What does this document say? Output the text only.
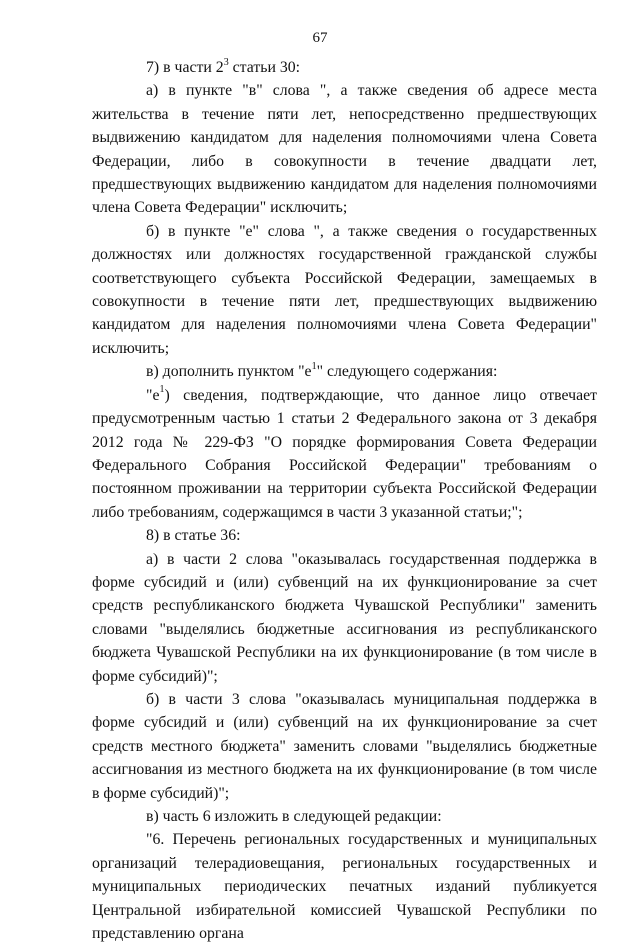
67

7) в части $2^3$ статьи 30:

а) в пункте "в" слова ", а также сведения об адресе места жительства в течение пяти лет, непосредственно предшествующих выдвижению кандидатом для наделения полномочиями члена Совета Федерации, либо в совокупности в течение двадцати лет, предшествующих выдвижению кандидатом для наделения полномочиями члена Совета Федерации" исключить;

б) в пункте "е" слова ", а также сведения о государственных должностях или должностях государственной гражданской службы соответствующего субъекта Российской Федерации, замещаемых в совокупности в течение пяти лет, предшествующих выдвижению кандидатом для наделения полномочиями члена Совета Федерации" исключить;

в) дополнить пунктом "$е^1$" следующего содержания:

"$е^1$) сведения, подтверждающие, что данное лицо отвечает предусмотренным частью 1 статьи 2 Федерального закона от 3 декабря 2012 года № 229-ФЗ "О порядке формирования Совета Федерации Федерального Собрания Российской Федерации" требованиям о постоянном проживании на территории субъекта Российской Федерации либо требованиям, содержащимся в части 3 указанной статьи;";

8) в статье 36:

а) в части 2 слова "оказывалась государственная поддержка в форме субсидий и (или) субвенций на их функционирование за счет средств республиканского бюджета Чувашской Республики" заменить словами "выделялись бюджетные ассигнования из республиканского бюджета Чувашской Республики на их функционирование (в том числе в форме субсидий)";

б) в части 3 слова "оказывалась муниципальная поддержка в форме субсидий и (или) субвенций на их функционирование за счет средств местного бюджета" заменить словами "выделялись бюджетные ассигнования из местного бюджета на их функционирование (в том числе в форме субсидий)";

в) часть 6 изложить в следующей редакции:

"6. Перечень региональных государственных и муниципальных организаций телерадиовещания, региональных государственных и муниципальных периодических печатных изданий публикуется Центральной избирательной комиссией Чувашской Республики по представлению органа
